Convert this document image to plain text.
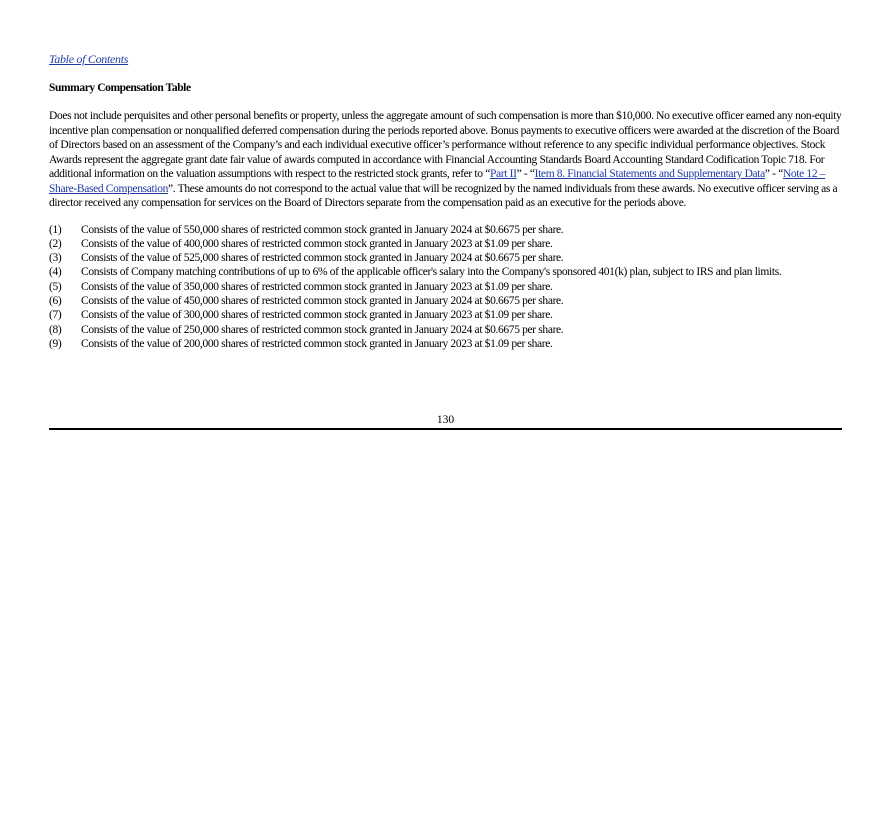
Table of Contents
Summary Compensation Table
Does not include perquisites and other personal benefits or property, unless the aggregate amount of such compensation is more than $10,000. No executive officer earned any non-equity incentive plan compensation or nonqualified deferred compensation during the periods reported above. Bonus payments to executive officers were awarded at the discretion of the Board of Directors based on an assessment of the Company’s and each individual executive officer’s performance without reference to any specific individual performance objectives. Stock Awards represent the aggregate grant date fair value of awards computed in accordance with Financial Accounting Standards Board Accounting Standard Codification Topic 718. For additional information on the valuation assumptions with respect to the restricted stock grants, refer to “Part II” - “Item 8. Financial Statements and Supplementary Data” - “Note 12 – Share-Based Compensation”. These amounts do not correspond to the actual value that will be recognized by the named individuals from these awards. No executive officer serving as a director received any compensation for services on the Board of Directors separate from the compensation paid as an executive for the periods above.
(1)	Consists of the value of 550,000 shares of restricted common stock granted in January 2024 at $0.6675 per share.
(2)	Consists of the value of 400,000 shares of restricted common stock granted in January 2023 at $1.09 per share.
(3)	Consists of the value of 525,000 shares of restricted common stock granted in January 2024 at $0.6675 per share.
(4)	Consists of Company matching contributions of up to 6% of the applicable officer's salary into the Company's sponsored 401(k) plan, subject to IRS and plan limits.
(5)	Consists of the value of 350,000 shares of restricted common stock granted in January 2023 at $1.09 per share.
(6)	Consists of the value of 450,000 shares of restricted common stock granted in January 2024 at $0.6675 per share.
(7)	Consists of the value of 300,000 shares of restricted common stock granted in January 2023 at $1.09 per share.
(8)	Consists of the value of 250,000 shares of restricted common stock granted in January 2024 at $0.6675 per share.
(9)	Consists of the value of 200,000 shares of restricted common stock granted in January 2023 at $1.09 per share.
130
